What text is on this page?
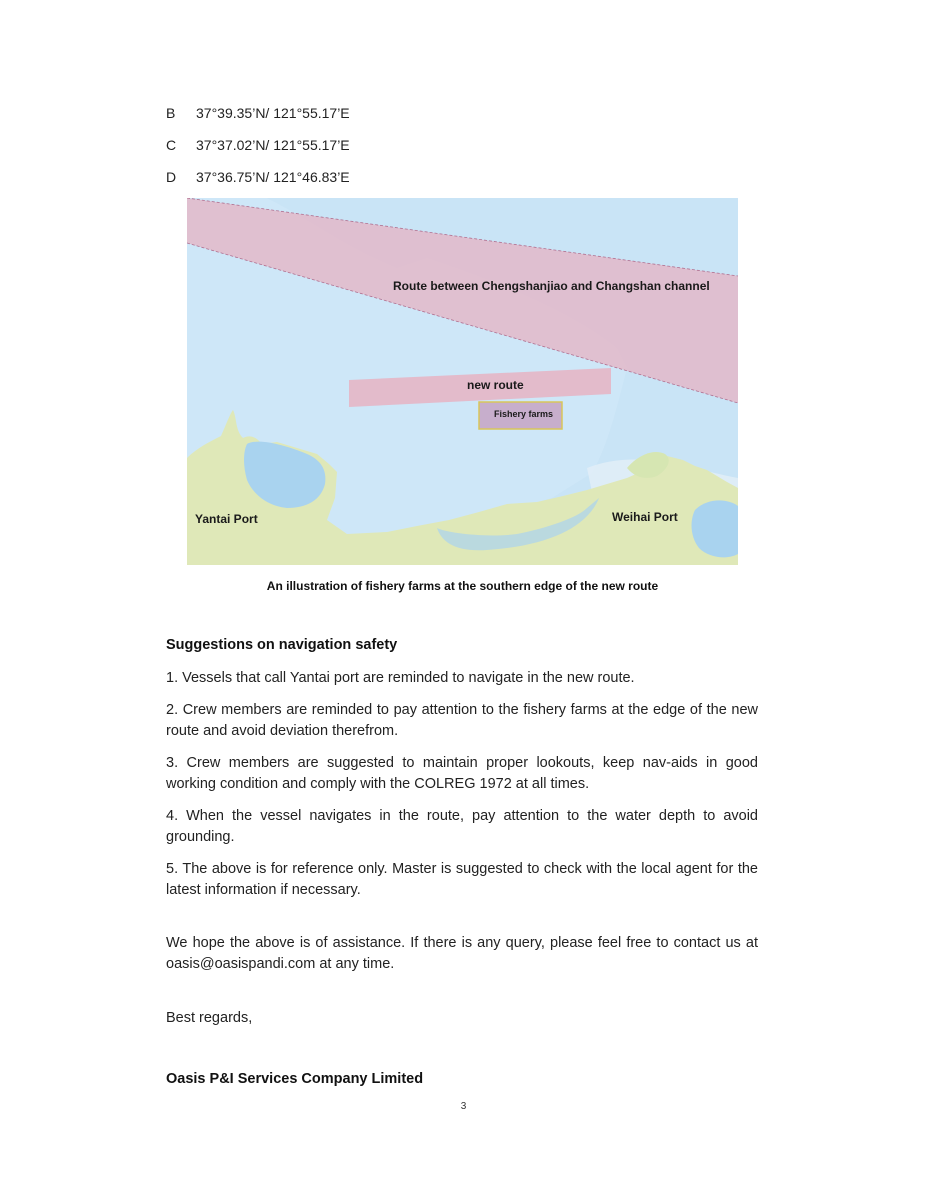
B 37°39.35’N/ 121°55.17’E
C 37°37.02’N/ 121°55.17’E
D 37°36.75’N/ 121°46.83’E
Route between Chengshanjiao and Changshan channel
new route
Fishery farms
Yantai Port	Weihai Port
An illustration of fishery farms at the southern edge of the new route
Suggestions on navigation safety
1. Vessels that call Yantai port are reminded to navigate in the new route.
2. Crew members are reminded to pay attention to the fishery farms at the edge of the new route and avoid deviation therefrom.
3. Crew members are suggested to maintain proper lookouts, keep nav-aids in good working condition and comply with the COLREG 1972 at all times.
4. When the vessel navigates in the route, pay attention to the water depth to avoid grounding.
5. The above is for reference only. Master is suggested to check with the local agent for the latest information if necessary.
We hope the above is of assistance. If there is any query, please feel free to contact us at oasis@oasispandi.com at any time.
Best regards,
Oasis P&I Services Company Limited
3
